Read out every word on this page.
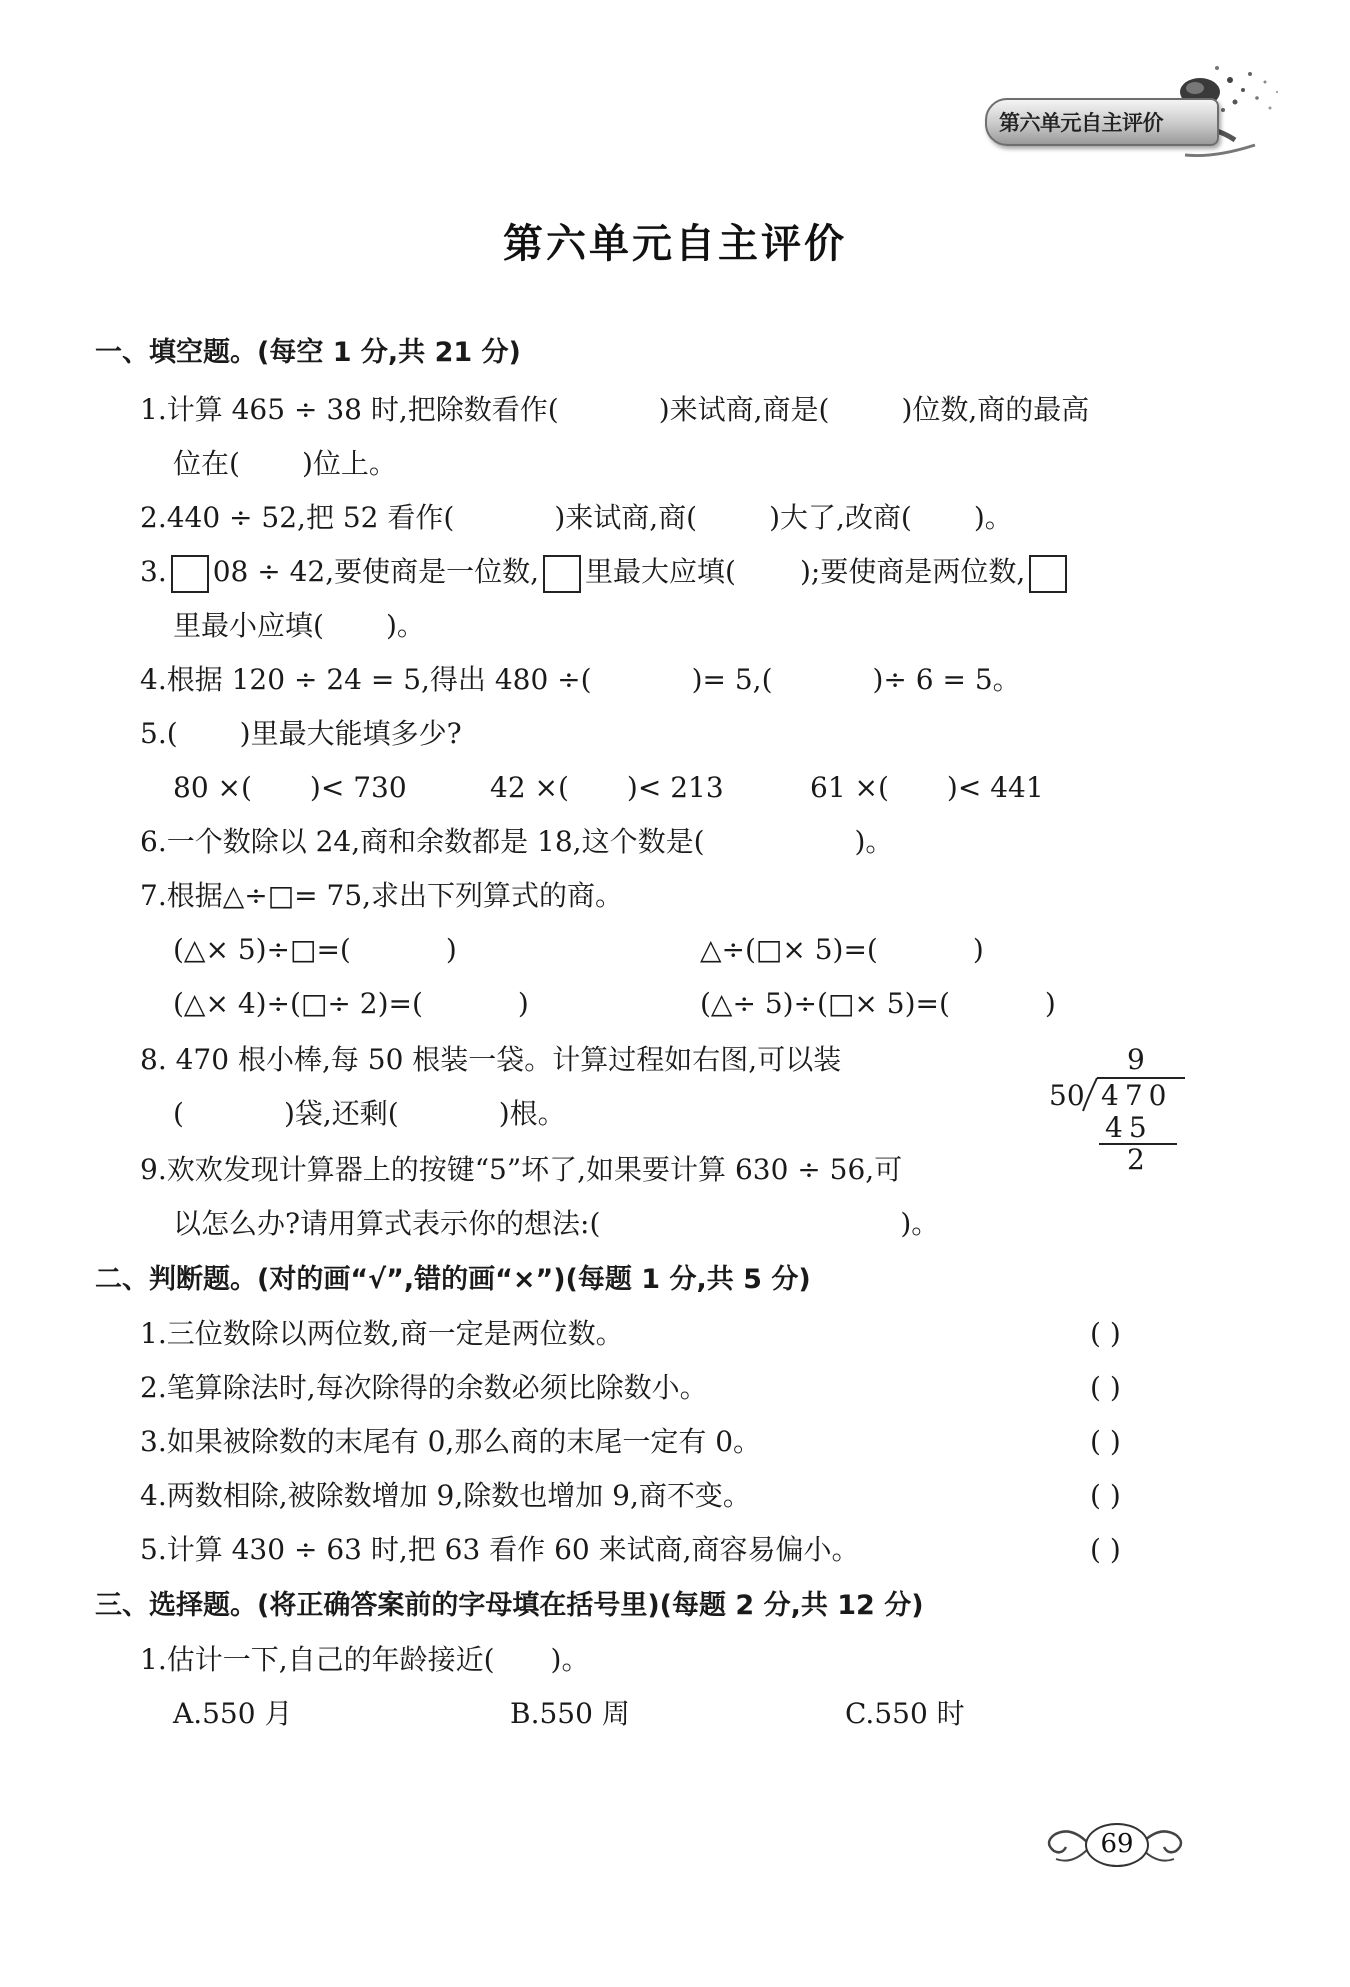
第六单元自主评价
第六单元自主评价
一、填空题。(每空 1 分,共 21 分)
1.计算 465 ÷ 38 时,把除数看作(	)来试商,商是(	)位数,商的最高
位在( )位上。
2.440 ÷ 52,把 52 看作(	)来试商,商(	)大了,改商( )。
3. 08 ÷ 42,要使商是一位数, 里最大应填( );要使商是两位数,
里最小应填( )。
4.根据 120 ÷ 24 = 5,得出 480 ÷(	)= 5,(	)÷ 6 = 5。
5.( )里最大能填多少?
80 ×( )< 730	42 ×( )< 213	61 ×( )< 441
6.一个数除以 24,商和余数都是 18,这个数是(	)。
7.根据△÷□= 75,求出下列算式的商。
(△× 5)÷□=(	)	△÷(□× 5)=(	)
(△× 4)÷(□÷ 2)=(	)	(△÷ 5)÷(□× 5)=(	)
8. 470 根小棒,每 50 根装一袋。计算过程如右图,可以装
(	)袋,还剩(	)根。
9
50 470
45
2
9.欢欢发现计算器上的按键“5”坏了,如果要计算 630 ÷ 56,可
以怎么办?请用算式表示你的想法:(	)。
二、判断题。(对的画“√”,错的画“×”)(每题 1 分,共 5 分)
1.三位数除以两位数,商一定是两位数。	( )
2.笔算除法时,每次除得的余数必须比除数小。	( )
3.如果被除数的末尾有 0,那么商的末尾一定有 0。	( )
4.两数相除,被除数增加 9,除数也增加 9,商不变。	( )
5.计算 430 ÷ 63 时,把 63 看作 60 来试商,商容易偏小。	( )
三、选择题。(将正确答案前的字母填在括号里)(每题 2 分,共 12 分)
1.估计一下,自己的年龄接近( )。
A.550 月	B.550 周	C.550 时
69
